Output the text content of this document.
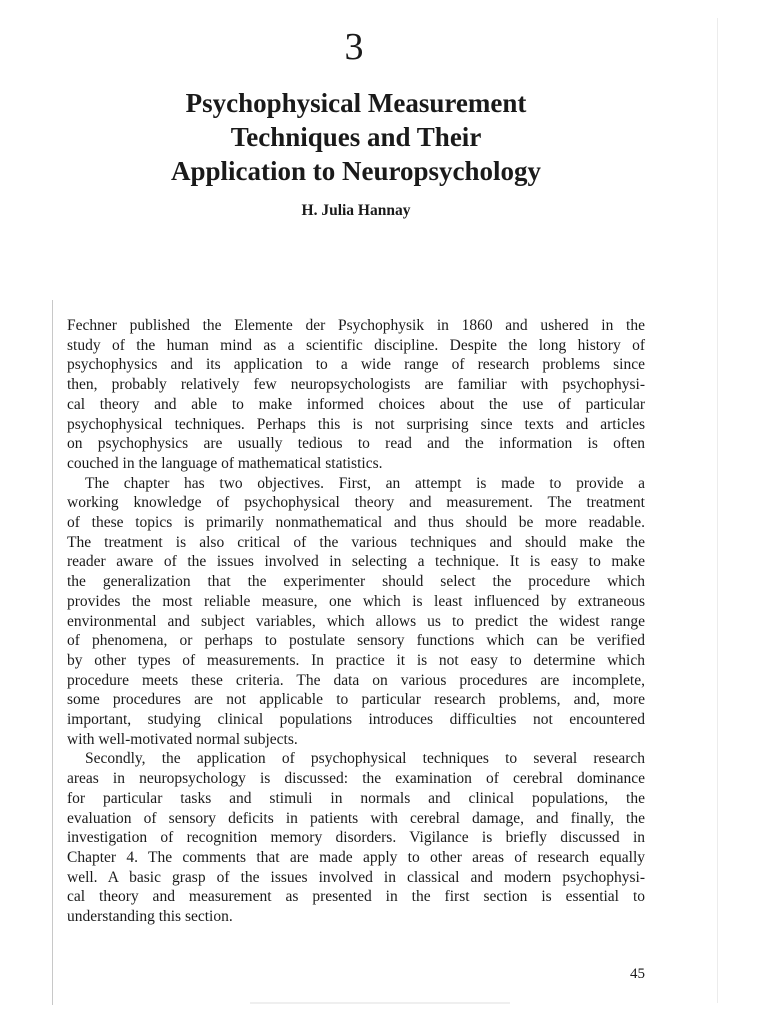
3
Psychophysical Measurement
Techniques and Their
Application to Neuropsychology
H. Julia Hannay
Fechner published the Elemente der Psychophysik in 1860 and ushered in the
study of the human mind as a scientific discipline. Despite the long history of
psychophysics and its application to a wide range of research problems since
then, probably relatively few neuropsychologists are familiar with psychophysi-
cal theory and able to make informed choices about the use of particular
psychophysical techniques. Perhaps this is not surprising since texts and articles
on psychophysics are usually tedious to read and the information is often
couched in the language of mathematical statistics.
The chapter has two objectives. First, an attempt is made to provide a
working knowledge of psychophysical theory and measurement. The treatment
of these topics is primarily nonmathematical and thus should be more readable.
The treatment is also critical of the various techniques and should make the
reader aware of the issues involved in selecting a technique. It is easy to make
the generalization that the experimenter should select the procedure which
provides the most reliable measure, one which is least influenced by extraneous
environmental and subject variables, which allows us to predict the widest range
of phenomena, or perhaps to postulate sensory functions which can be verified
by other types of measurements. In practice it is not easy to determine which
procedure meets these criteria. The data on various procedures are incomplete,
some procedures are not applicable to particular research problems, and, more
important, studying clinical populations introduces difficulties not encountered
with well-motivated normal subjects.
Secondly, the application of psychophysical techniques to several research
areas in neuropsychology is discussed: the examination of cerebral dominance
for particular tasks and stimuli in normals and clinical populations, the
evaluation of sensory deficits in patients with cerebral damage, and finally, the
investigation of recognition memory disorders. Vigilance is briefly discussed in
Chapter 4. The comments that are made apply to other areas of research equally
well. A basic grasp of the issues involved in classical and modern psychophysi-
cal theory and measurement as presented in the first section is essential to
understanding this section.
45
